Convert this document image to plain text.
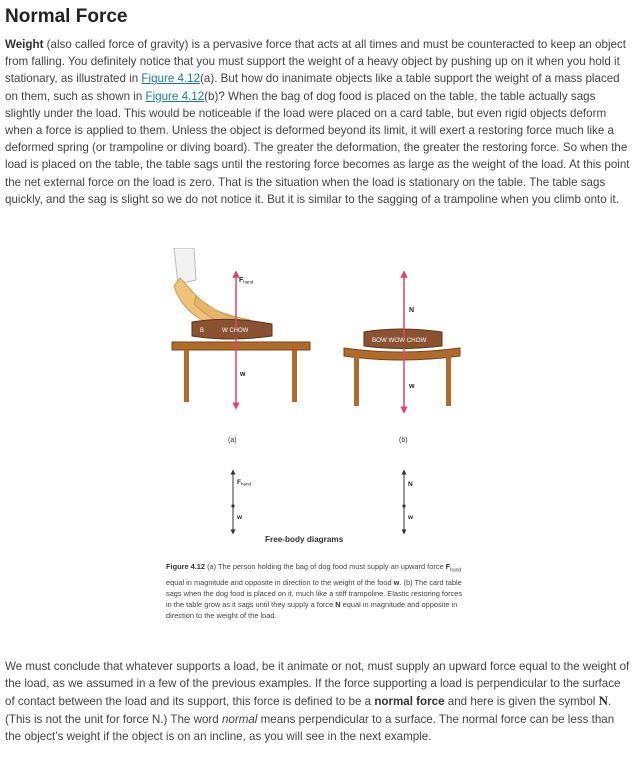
Normal Force

Weight (also called force of gravity) is a pervasive force that acts at all times and must be counteracted to keep an object from falling. You definitely notice that you must support the weight of a heavy object by pushing up on it when you hold it stationary, as illustrated in Figure 4.12(a). But how do inanimate objects like a table support the weight of a mass placed on them, such as shown in Figure 4.12(b)? When the bag of dog food is placed on the table, the table actually sags slightly under the load. This would be noticeable if the load were placed on a card table, but even rigid objects deform when a force is applied to them. Unless the object is deformed beyond its limit, it will exert a restoring force much like a deformed spring (or trampoline or diving board). The greater the deformation, the greater the restoring force. So when the load is placed on the table, the table sags until the restoring force becomes as large as the weight of the load. At this point the net external force on the load is zero. That is the situation when the load is stationary on the table. The table sags quickly, and the sag is slight so we do not notice it. But it is similar to the sagging of a trampoline when you climb onto it.

B	W CHOW
$F_{hand}$
w
(a)
BOW WOW CHOW
N
w
(b)
$F_{hand}$
w
N
w
Free-body diagrams

Figure 4.12 (a) The person holding the bag of dog food must supply an upward force $F_{hand}$ equal in magnitude and opposite in direction to the weight of the food w. (b) The card table sags when the dog food is placed on it, much like a stiff trampoline. Elastic restoring forces in the table grow as it sags until they supply a force N equal in magnitude and opposite in direction to the weight of the load.

We must conclude that whatever supports a load, be it animate or not, must supply an upward force equal to the weight of the load, as we assumed in a few of the previous examples. If the force supporting a load is perpendicular to the surface of contact between the load and its support, this force is defined to be a normal force and here is given the symbol N. (This is not the unit for force N.) The word normal means perpendicular to a surface. The normal force can be less than the object’s weight if the object is on an incline, as you will see in the next example.
